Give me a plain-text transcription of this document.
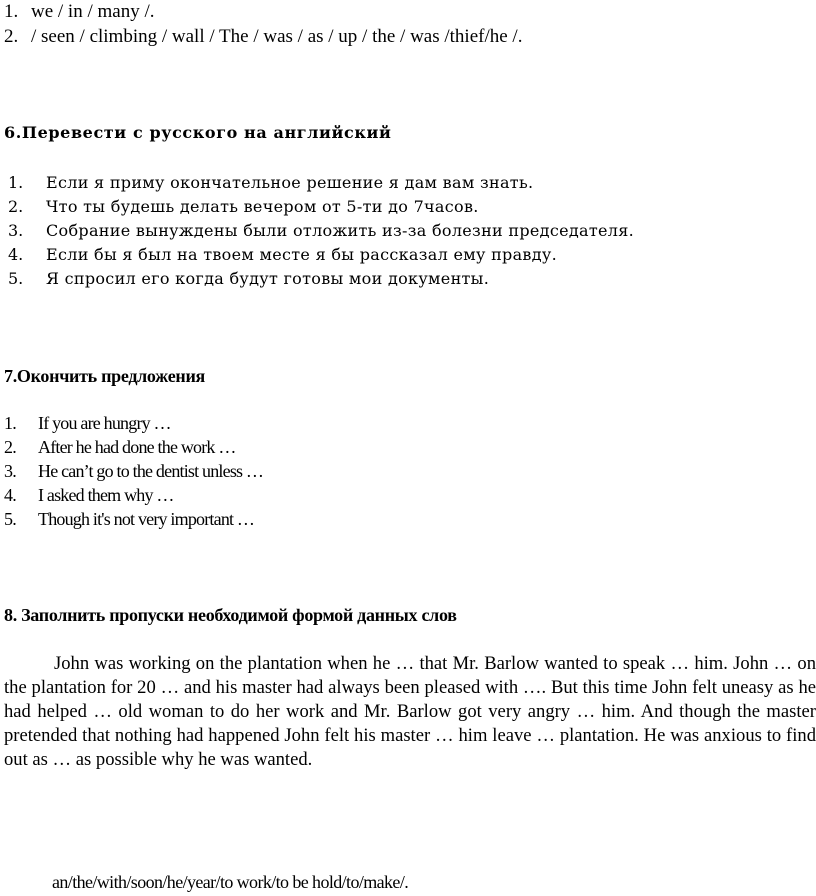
1. we / in / many /.
2. / seen / climbing / wall / The / was / as / up / the / was /thief/he /.
6.Перевести с русского на английский
1. Если я приму окончательное решение я дам вам знать.
2. Что ты будешь делать вечером от 5-ти до 7часов.
3. Собрание вынуждены были отложить из-за болезни председателя.
4. Если бы я был на твоем месте я бы рассказал ему правду.
5. Я спросил его когда будут готовы мои документы.
7.Окончить предложения
1. If you are hungry …
2. After he had done the work …
3. He can’t go to the dentist unless …
4. I asked them why …
5. Though it's not very important …
8. Заполнить пропуски необходимой формой данных слов
John was working on the plantation when he … that Mr. Barlow wanted to speak … him. John … on the plantation for 20 … and his master had always been pleased with …. But this time John felt uneasy as he had helped … old woman to do her work and Mr. Barlow got very angry … him. And though the master pretended that nothing had happened John felt his master … him leave … plantation. He was anxious to find out as … as possible why he was wanted.
an/the/with/soon/he/year/to work/to be hold/to/make/.
